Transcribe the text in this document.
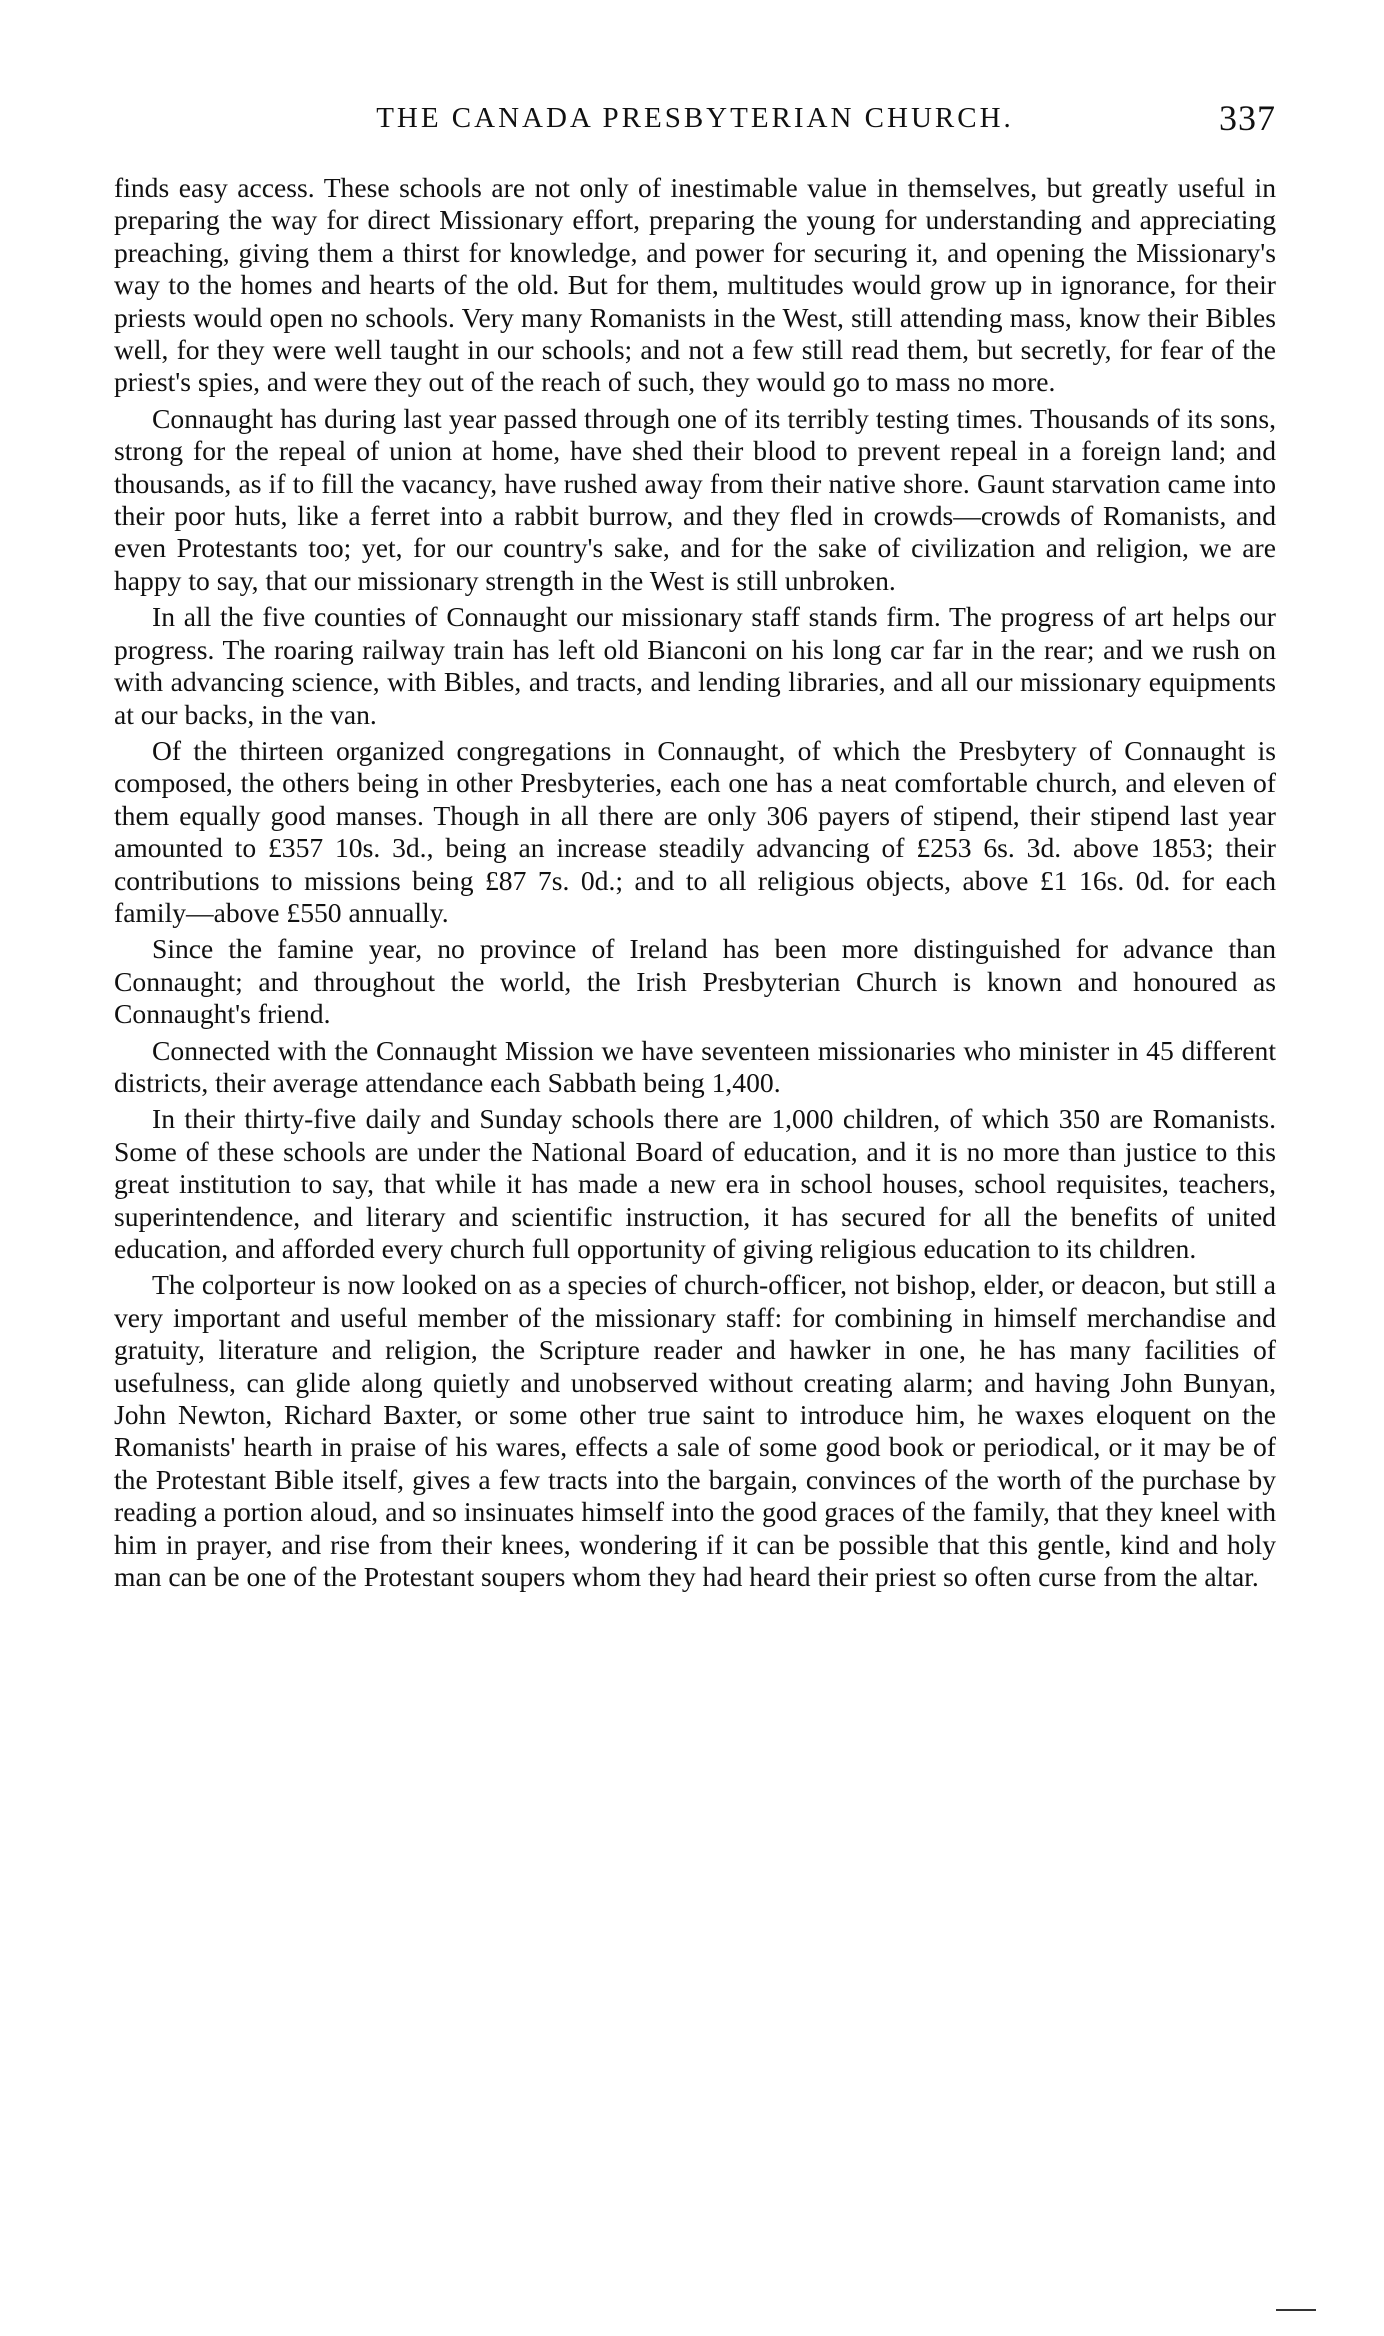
THE CANADA PRESBYTERIAN CHURCH.	337

finds easy access. These schools are not only of inestimable value in themselves, but greatly useful in preparing the way for direct Missionary effort, preparing the young for understanding and appreciating preaching, giving them a thirst for knowledge, and power for securing it, and opening the Missionary's way to the homes and hearts of the old. But for them, multitudes would grow up in ignorance, for their priests would open no schools. Very many Romanists in the West, still attending mass, know their Bibles well, for they were well taught in our schools; and not a few still read them, but secretly, for fear of the priest's spies, and were they out of the reach of such, they would go to mass no more.

Connaught has during last year passed through one of its terribly testing times. Thousands of its sons, strong for the repeal of union at home, have shed their blood to prevent repeal in a foreign land; and thousands, as if to fill the vacancy, have rushed away from their native shore. Gaunt starvation came into their poor huts, like a ferret into a rabbit burrow, and they fled in crowds—crowds of Romanists, and even Protestants too; yet, for our country's sake, and for the sake of civilization and religion, we are happy to say, that our missionary strength in the West is still unbroken.

In all the five counties of Connaught our missionary staff stands firm. The progress of art helps our progress. The roaring railway train has left old Bianconi on his long car far in the rear; and we rush on with advancing science, with Bibles, and tracts, and lending libraries, and all our missionary equipments at our backs, in the van.

Of the thirteen organized congregations in Connaught, of which the Presbytery of Connaught is composed, the others being in other Presbyteries, each one has a neat comfortable church, and eleven of them equally good manses. Though in all there are only 306 payers of stipend, their stipend last year amounted to £357 10s. 3d., being an increase steadily advancing of £253 6s. 3d. above 1853; their contributions to missions being £87 7s. 0d.; and to all religious objects, above £1 16s. 0d. for each family—above £550 annually.

Since the famine year, no province of Ireland has been more distinguished for advance than Connaught; and throughout the world, the Irish Presbyterian Church is known and honoured as Connaught's friend.

Connected with the Connaught Mission we have seventeen missionaries who minister in 45 different districts, their average attendance each Sabbath being 1,400.

In their thirty-five daily and Sunday schools there are 1,000 children, of which 350 are Romanists. Some of these schools are under the National Board of education, and it is no more than justice to this great institution to say, that while it has made a new era in school houses, school requisites, teachers, superintendence, and literary and scientific instruction, it has secured for all the benefits of united education, and afforded every church full opportunity of giving religious education to its children.

The colporteur is now looked on as a species of church-officer, not bishop, elder, or deacon, but still a very important and useful member of the missionary staff: for combining in himself merchandise and gratuity, literature and religion, the Scripture reader and hawker in one, he has many facilities of usefulness, can glide along quietly and unobserved without creating alarm; and having John Bunyan, John Newton, Richard Baxter, or some other true saint to introduce him, he waxes eloquent on the Romanists' hearth in praise of his wares, effects a sale of some good book or periodical, or it may be of the Protestant Bible itself, gives a few tracts into the bargain, convinces of the worth of the purchase by reading a portion aloud, and so insinuates himself into the good graces of the family, that they kneel with him in prayer, and rise from their knees, wondering if it can be possible that this gentle, kind and holy man can be one of the Protestant soupers whom they had heard their priest so often curse from the altar.
